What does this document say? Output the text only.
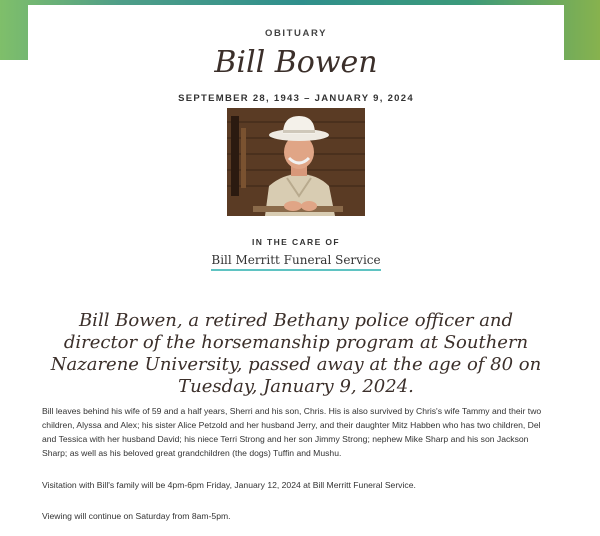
OBITUARY
Bill Bowen
SEPTEMBER 28, 1943 – JANUARY 9, 2024
IN THE CARE OF
Bill Merritt Funeral Service
Bill Bowen, a retired Bethany police officer and director of the horsemanship program at Southern Nazarene University, passed away at the age of 80 on Tuesday, January 9, 2024.

Bill leaves behind his wife of 59 and a half years, Sherri and his son, Chris. His is also survived by Chris's wife Tammy and their two children, Alyssa and Alex; his sister Alice Petzold and her husband Jerry, and their daughter Mitz Habben who has two children, Del and Tessica with her husband David; his niece Terri Strong and her son Jimmy Strong; nephew Mike Sharp and his son Jackson Sharp; as well as his beloved great grandchildren (the dogs) Tuffin and Mushu.

Visitation with Bill's family will be 4pm-6pm Friday, January 12, 2024 at Bill Merritt Funeral Service.

Viewing will continue on Saturday from 8am-5pm.
